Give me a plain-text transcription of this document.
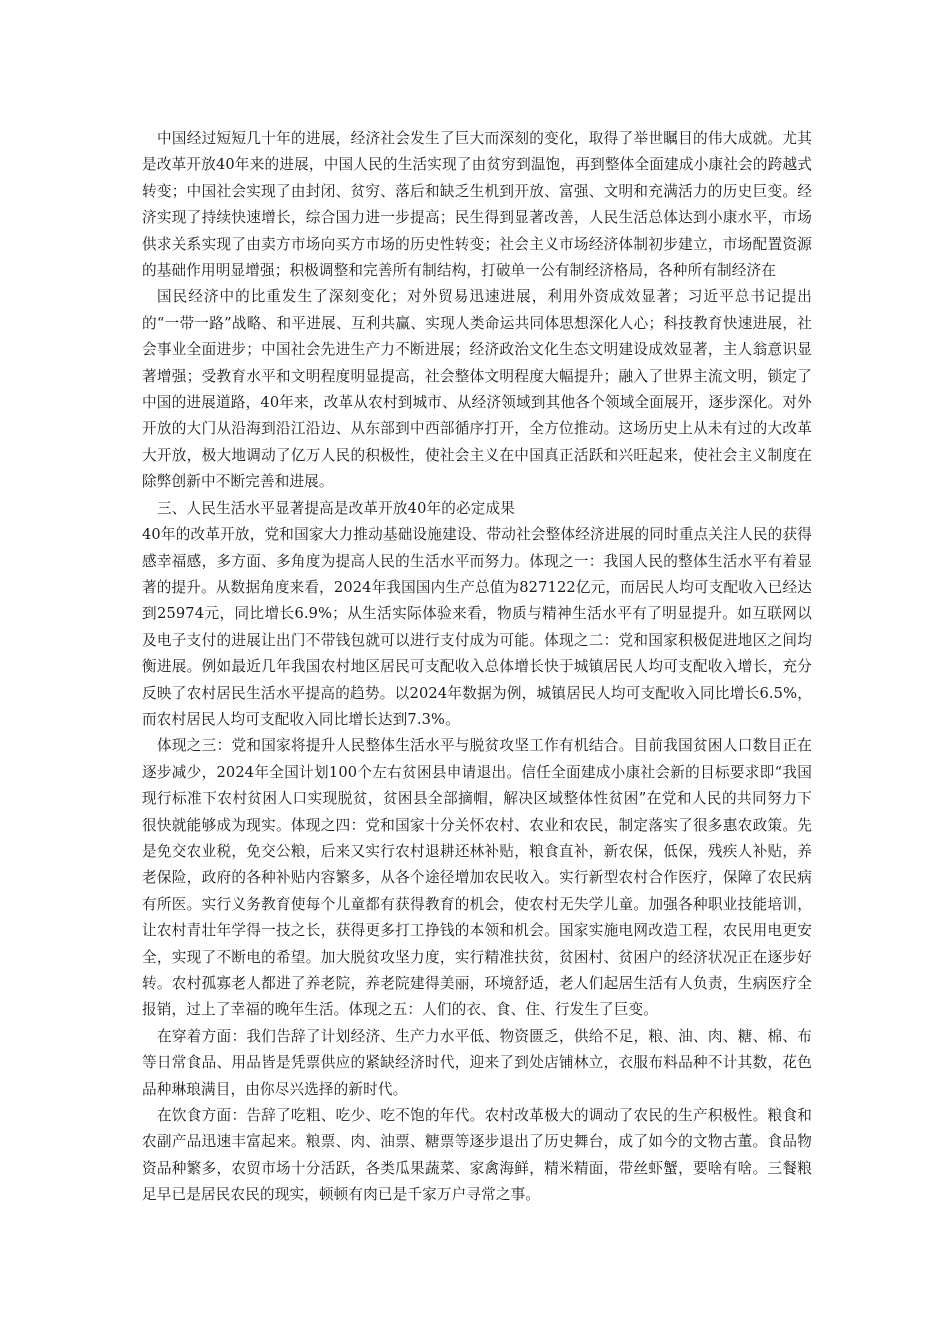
中国经过短短几十年的进展，经济社会发生了巨大而深刻的变化，取得了举世瞩目的伟大成就。尤其是改革开放40年来的进展，中国人民的生活实现了由贫穷到温饱，再到整体全面建成小康社会的跨越式转变；中国社会实现了由封闭、贫穷、落后和缺乏生机到开放、富强、文明和充满活力的历史巨变。经济实现了持续快速增长，综合国力进一步提高；民生得到显著改善，人民生活总体达到小康水平，市场供求关系实现了由卖方市场向买方市场的历史性转变；社会主义市场经济体制初步建立，市场配置资源的基础作用明显增强；积极调整和完善所有制结构，打破单一公有制经济格局，各种所有制经济在

国民经济中的比重发生了深刻变化；对外贸易迅速进展，利用外资成效显著；习近平总书记提出的“一带一路”战略、和平进展、互利共赢、实现人类命运共同体思想深化人心；科技教育快速进展，社会事业全面进步；中国社会先进生产力不断进展；经济政治文化生态文明建设成效显著，主人翁意识显著增强；受教育水平和文明程度明显提高，社会整体文明程度大幅提升；融入了世界主流文明，锁定了中国的进展道路，40年来，改革从农村到城市、从经济领域到其他各个领域全面展开，逐步深化。对外开放的大门从沿海到沿江沿边、从东部到中西部循序打开，全方位推动。这场历史上从未有过的大改革大开放，极大地调动了亿万人民的积极性，使社会主义在中国真正活跃和兴旺起来，使社会主义制度在除弊创新中不断完善和进展。

三、人民生活水平显著提高是改革开放40年的必定成果

40年的改革开放，党和国家大力推动基础设施建设、带动社会整体经济进展的同时重点关注人民的获得感幸福感，多方面、多角度为提高人民的生活水平而努力。体现之一：我国人民的整体生活水平有着显著的提升。从数据角度来看，2024年我国国内生产总值为827122亿元，而居民人均可支配收入已经达到25974元，同比增长6.9%；从生活实际体验来看，物质与精神生活水平有了明显提升。如互联网以及电子支付的进展让出门不带钱包就可以进行支付成为可能。体现之二：党和国家积极促进地区之间均衡进展。例如最近几年我国农村地区居民可支配收入总体增长快于城镇居民人均可支配收入增长，充分反映了农村居民生活水平提高的趋势。以2024年数据为例，城镇居民人均可支配收入同比增长6.5%，而农村居民人均可支配收入同比增长达到7.3%。

体现之三：党和国家将提升人民整体生活水平与脱贫攻坚工作有机结合。目前我国贫困人口数目正在逐步减少，2024年全国计划100个左右贫困县申请退出。信任全面建成小康社会新的目标要求即“我国现行标准下农村贫困人口实现脱贫，贫困县全部摘帽，解决区域整体性贫困”在党和人民的共同努力下很快就能够成为现实。体现之四：党和国家十分关怀农村、农业和农民，制定落实了很多惠农政策。先是免交农业税，免交公粮，后来又实行农村退耕还林补贴，粮食直补，新农保，低保，残疾人补贴，养老保险，政府的各种补贴内容繁多，从各个途径增加农民收入。实行新型农村合作医疗，保障了农民病有所医。实行义务教育使每个儿童都有获得教育的机会，使农村无失学儿童。加强各种职业技能培训，让农村青壮年学得一技之长，获得更多打工挣钱的本领和机会。国家实施电网改造工程，农民用电更安全，实现了不断电的希望。加大脱贫攻坚力度，实行精准扶贫，贫困村、贫困户的经济状况正在逐步好转。农村孤寡老人都进了养老院，养老院建得美丽，环境舒适，老人们起居生活有人负责，生病医疗全报销，过上了幸福的晚年生活。体现之五：人们的衣、食、住、行发生了巨变。

在穿着方面：我们告辞了计划经济、生产力水平低、物资匮乏，供给不足，粮、油、肉、糖、棉、布等日常食品、用品皆是凭票供应的紧缺经济时代，迎来了到处店铺林立，衣服布料品种不计其数，花色品种琳琅满目，由你尽兴选择的新时代。

在饮食方面：告辞了吃粗、吃少、吃不饱的年代。农村改革极大的调动了农民的生产积极性。粮食和农副产品迅速丰富起来。粮票、肉、油票、糖票等逐步退出了历史舞台，成了如今的文物古董。食品物资品种繁多，农贸市场十分活跃，各类瓜果蔬菜、家禽海鲜，精米精面，带丝虾蟹，要啥有啥。三餐粮足早已是居民农民的现实，顿顿有肉已是千家万户寻常之事。
